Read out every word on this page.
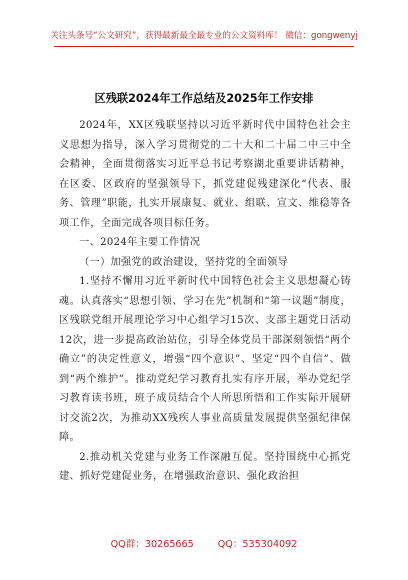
关注头条号“公文研究”，获得最新最全最专业的公文资料库！ 微信：gongwenyj
区残联2024年工作总结及2025年工作安排

2024年，XX区残联坚持以习近平新时代中国特色社会主义思想为指导，深入学习贯彻党的二十大和二十届二中三中全会精神，全面贯彻落实习近平总书记考察湖北重要讲话精神，在区委、区政府的坚强领导下，抓党建促残建深化“代表、服务、管理”职能，扎实开展康复、就业、组联、宣文、维稳等各项工作，全面完成各项目标任务。

一、2024年主要工作情况

（一）加强党的政治建设，坚持党的全面领导

1.坚持不懈用习近平新时代中国特色社会主义思想凝心铸魂。认真落实“思想引领、学习在先”机制和“第一议题”制度，区残联党组开展理论学习中心组学习15次、支部主题党日活动12次，进一步提高政治站位，引导全体党员干部深刻领悟“两个确立”的决定性意义，增强“四个意识”、坚定“四个自信”、做到“两个维护”。推动党纪学习教育扎实有序开展，举办党纪学习教育读书班，班子成员结合个人所思所悟和工作实际开展研讨交流2次，为推动XX残疾人事业高质量发展提供坚强纪律保障。

2.推动机关党建与业务工作深融互促。坚持围绕中心抓党建、抓好党建促业务，在增强政治意识、强化政治担

QQ群：30265665	QQ：535304092
